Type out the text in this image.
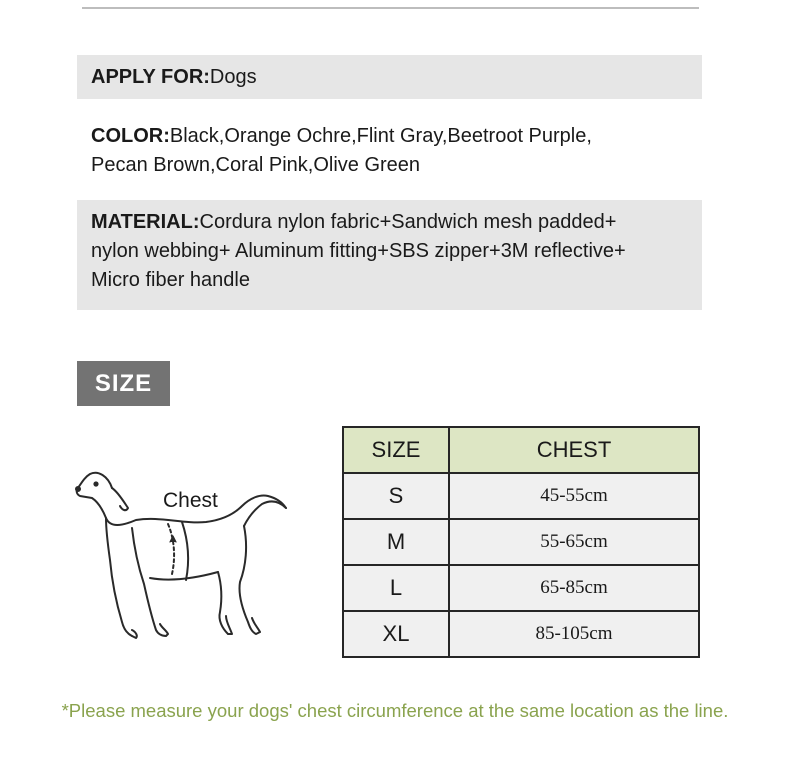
APPLY FOR:Dogs
COLOR:Black,Orange Ochre,Flint Gray,Beetroot Purple,
Pecan Brown,Coral Pink,Olive Green
MATERIAL:Cordura nylon fabric+Sandwich mesh padded+
nylon webbing+ Aluminum fitting+SBS zipper+3M reflective+
Micro fiber handle
SIZE
Chest
SIZE	CHEST
S	45-55cm
M	55-65cm
L	65-85cm
XL	85-105cm
*Please measure your dogs' chest circumference at the same location as the line.
